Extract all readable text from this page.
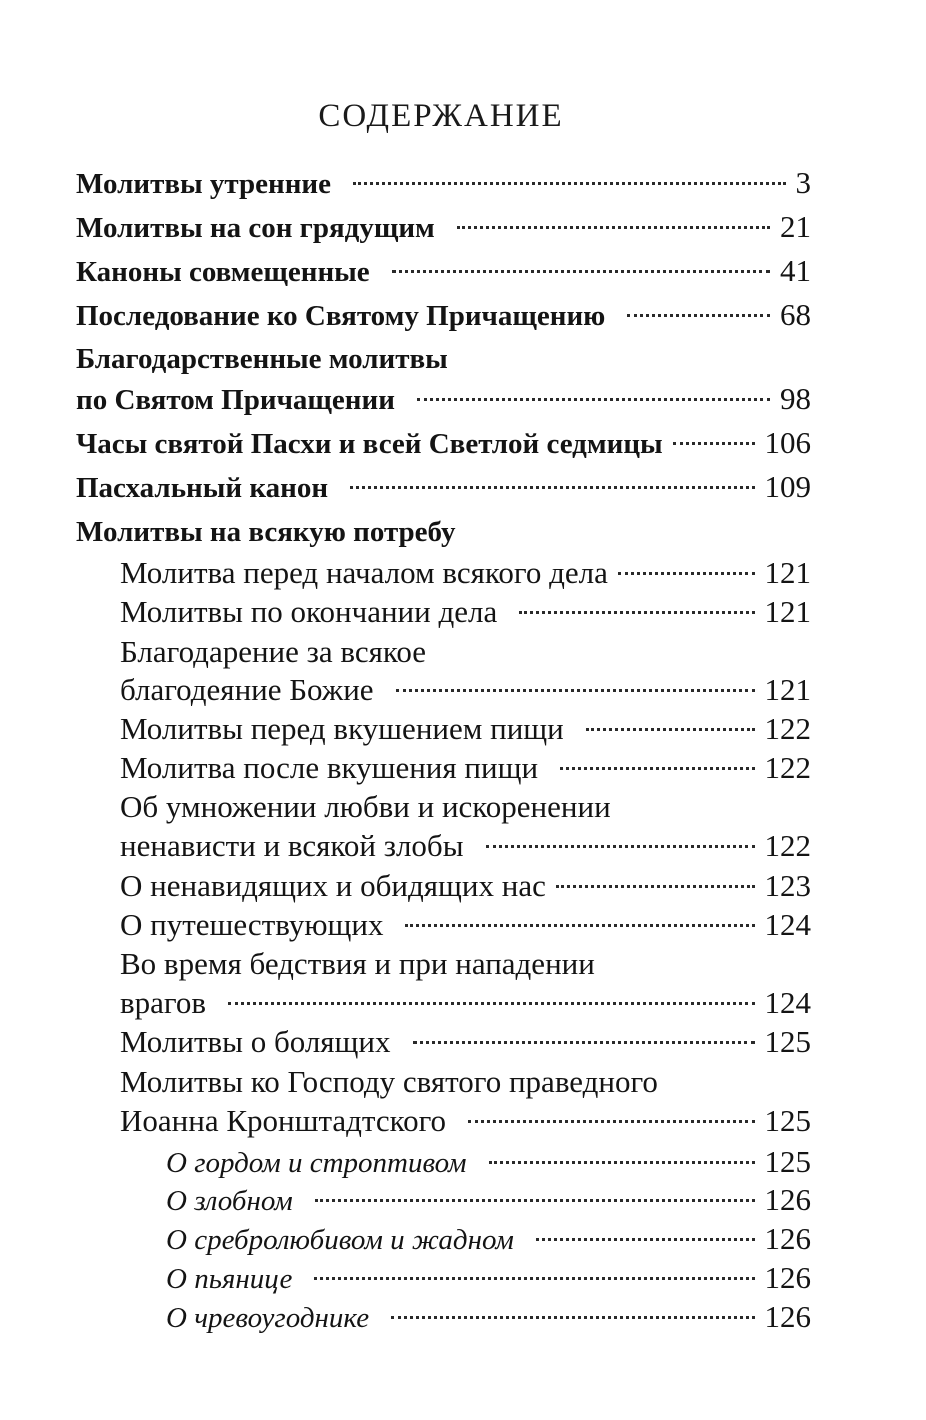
СОДЕРЖАНИЕ
Молитвы утренние	3
Молитвы на сон грядущим	21
Каноны совмещенные	41
Последование ко Святому Причащению	68
Благодарственные молитвы
по Святом Причащении	98
Часы святой Пасхи и всей Светлой седмицы	106
Пасхальный канон	109
Молитвы на всякую потребу
Молитва перед началом всякого дела	121
Молитвы по окончании дела	121
Благодарение за всякое
благодеяние Божие	121
Молитвы перед вкушением пищи	122
Молитва после вкушения пищи	122
Об умножении любви и искоренении
ненависти и всякой злобы	122
О ненавидящих и обидящих нас	123
О путешествующих	124
Во время бедствия и при нападении
врагов	124
Молитвы о болящих	125
Молитвы ко Господу святого праведного
Иоанна Кронштадтского	125
О гордом и строптивом	125
О злобном	126
О сребролюбивом и жадном	126
О пьянице	126
О чревоугоднике	126
